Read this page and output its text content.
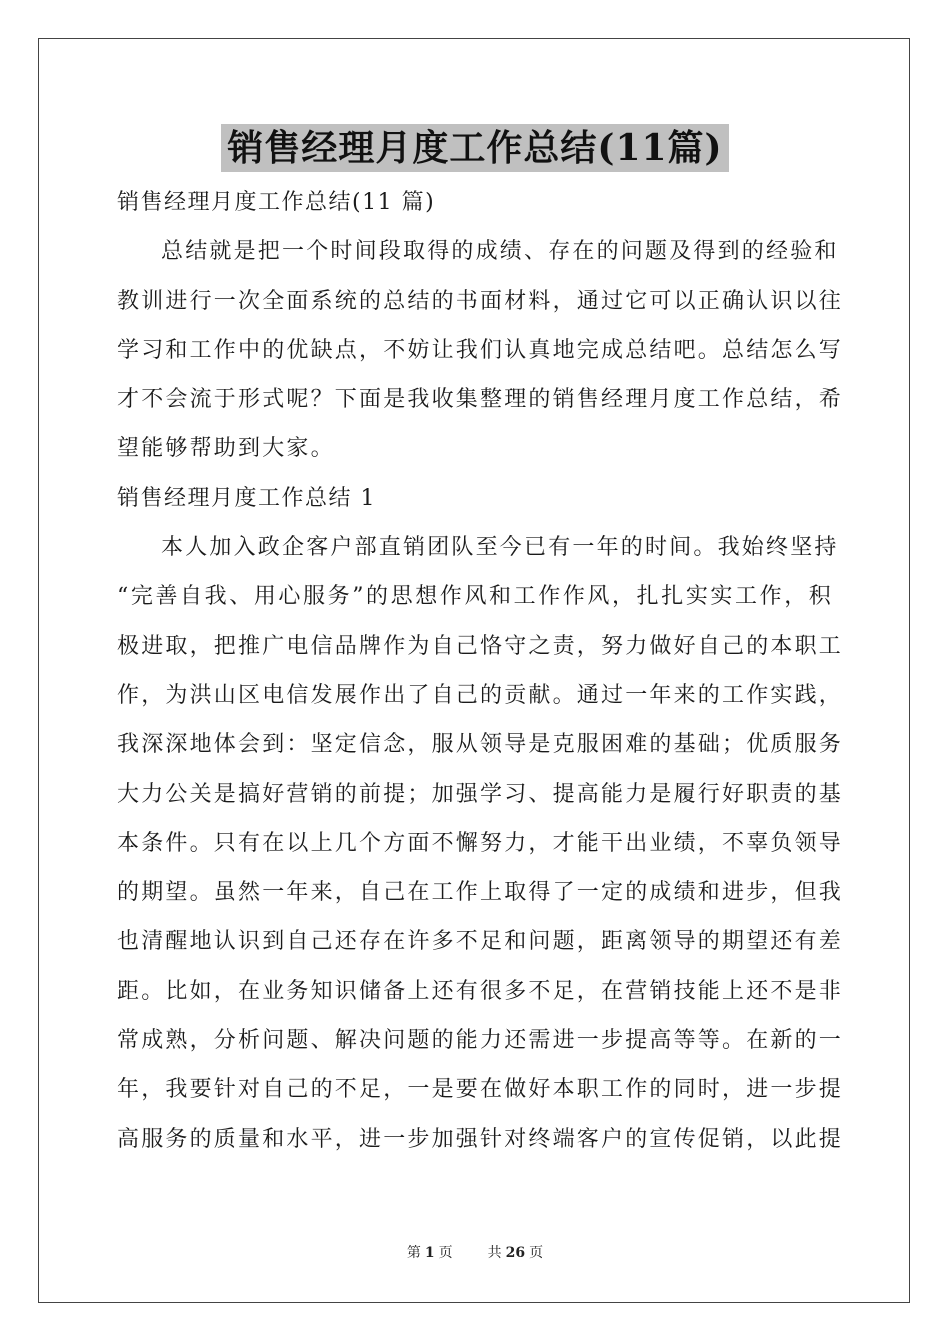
销售经理月度工作总结(11篇)
销售经理月度工作总结(11 篇)
总结就是把一个时间段取得的成绩、存在的问题及得到的经验和
教训进行一次全面系统的总结的书面材料，通过它可以正确认识以往
学习和工作中的优缺点，不妨让我们认真地完成总结吧。总结怎么写
才不会流于形式呢？下面是我收集整理的销售经理月度工作总结，希
望能够帮助到大家。
销售经理月度工作总结 1
本人加入政企客户部直销团队至今已有一年的时间。我始终坚持
“完善自我、用心服务”的思想作风和工作作风，扎扎实实工作，积
极进取，把推广电信品牌作为自己恪守之责，努力做好自己的本职工
作，为洪山区电信发展作出了自己的贡献。通过一年来的工作实践，
我深深地体会到：坚定信念，服从领导是克服困难的基础；优质服务
大力公关是搞好营销的前提；加强学习、提高能力是履行好职责的基
本条件。只有在以上几个方面不懈努力，才能干出业绩，不辜负领导
的期望。虽然一年来，自己在工作上取得了一定的成绩和进步，但我
也清醒地认识到自己还存在许多不足和问题，距离领导的期望还有差
距。比如，在业务知识储备上还有很多不足，在营销技能上还不是非
常成熟，分析问题、解决问题的能力还需进一步提高等等。在新的一
年，我要针对自己的不足，一是要在做好本职工作的同时，进一步提
高服务的质量和水平，进一步加强针对终端客户的宣传促销，以此提
第 1 页 共 26 页
